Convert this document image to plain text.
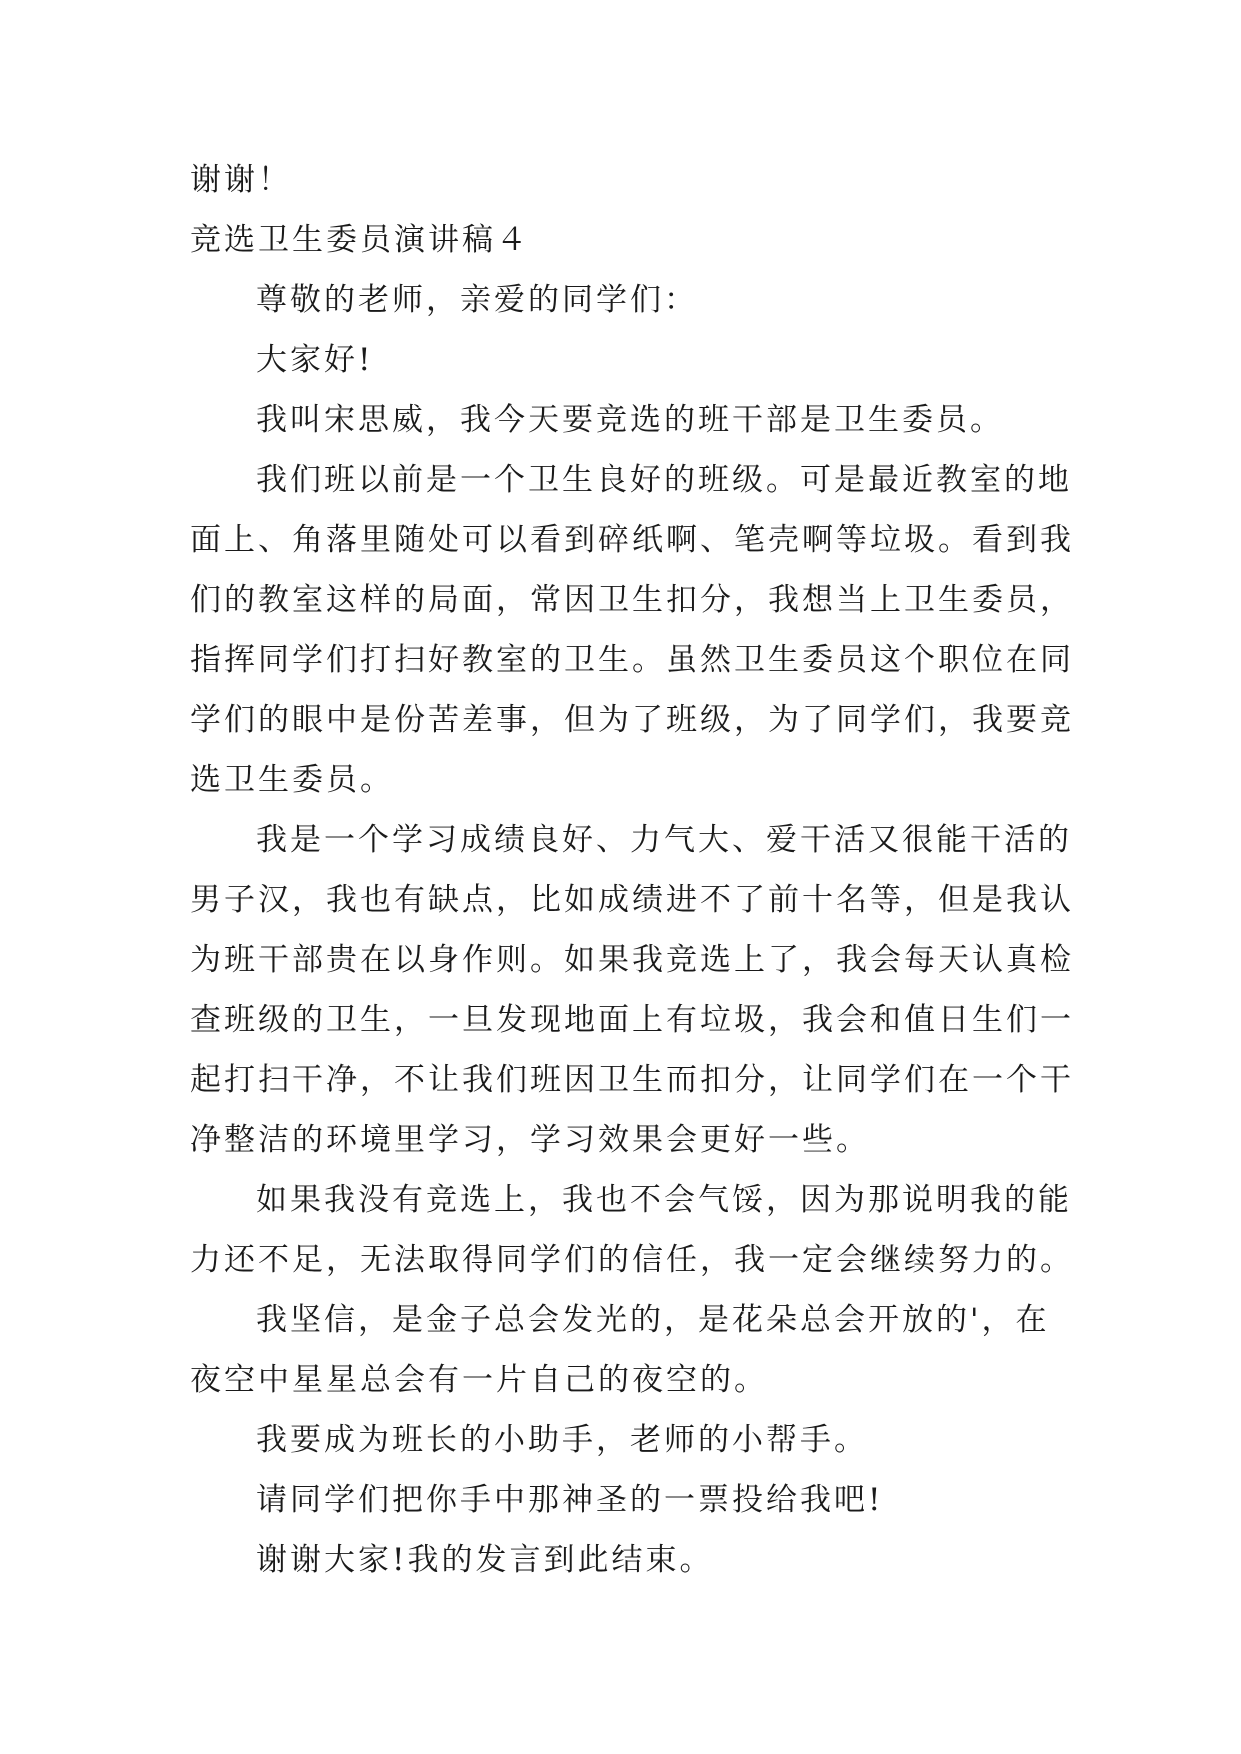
谢谢！
竞选卫生委员演讲稿４
尊敬的老师，亲爱的同学们：
大家好!
我叫宋思威，我今天要竞选的班干部是卫生委员。
我们班以前是一个卫生良好的班级。可是最近教室的地
面上、角落里随处可以看到碎纸啊、笔壳啊等垃圾。看到我
们的教室这样的局面，常因卫生扣分，我想当上卫生委员，
指挥同学们打扫好教室的卫生。虽然卫生委员这个职位在同
学们的眼中是份苦差事，但为了班级，为了同学们，我要竞
选卫生委员。
我是一个学习成绩良好、力气大、爱干活又很能干活的
男子汉，我也有缺点，比如成绩进不了前十名等，但是我认
为班干部贵在以身作则。如果我竞选上了，我会每天认真检
查班级的卫生，一旦发现地面上有垃圾，我会和值日生们一
起打扫干净，不让我们班因卫生而扣分，让同学们在一个干
净整洁的环境里学习，学习效果会更好一些。
如果我没有竞选上，我也不会气馁，因为那说明我的能
力还不足，无法取得同学们的信任，我一定会继续努力的。
我坚信，是金子总会发光的，是花朵总会开放的'，在
夜空中星星总会有一片自己的夜空的。
我要成为班长的小助手，老师的小帮手。
请同学们把你手中那神圣的一票投给我吧!
谢谢大家!我的发言到此结束。
